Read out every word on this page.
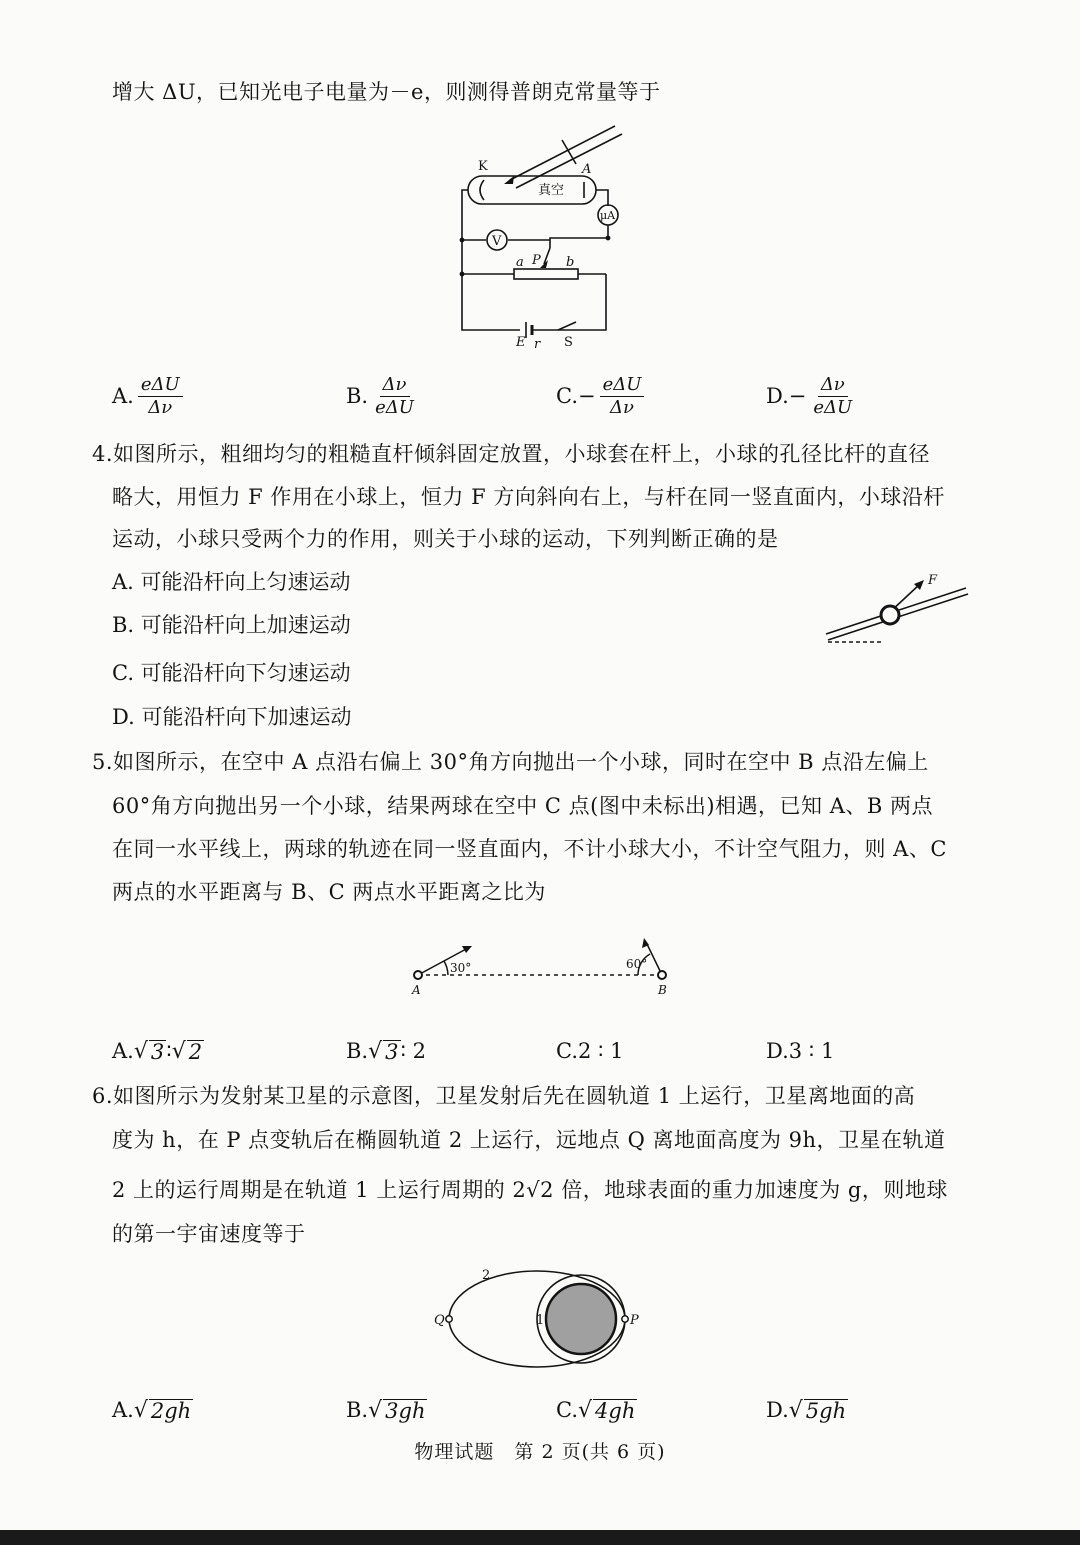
增大 ΔU，已知光电子电量为－e，则测得普朗克常量等于
K	A
真空
μA
V
a P b
E r S
A. $\frac{\text{eΔU}}{\Delta\nu}$	B. $\frac{\Delta\nu}{\text{eΔU}}$	C. − $\frac{\text{eΔU}}{\Delta\nu}$	D. − $\frac{\Delta\nu}{\text{eΔU}}$
4.如图所示，粗细均匀的粗糙直杆倾斜固定放置，小球套在杆上，小球的孔径比杆的直径
略大，用恒力 F 作用在小球上，恒力 F 方向斜向右上，与杆在同一竖直面内，小球沿杆
运动，小球只受两个力的作用，则关于小球的运动，下列判断正确的是
A. 可能沿杆向上匀速运动
B. 可能沿杆向上加速运动
C. 可能沿杆向下匀速运动
D. 可能沿杆向下加速运动
F
5.如图所示，在空中 A 点沿右偏上 30°角方向抛出一个小球，同时在空中 B 点沿左偏上
60°角方向抛出另一个小球，结果两球在空中 C 点(图中未标出)相遇，已知 A、B 两点
在同一水平线上，两球的轨迹在同一竖直面内，不计小球大小，不计空气阻力，则 A、C
两点的水平距离与 B、C 两点水平距离之比为
30°	60°
A	B
A. √ 3 ∶ √ 2	B. √ 3 ∶ 2	C. 2 ∶ 1	D. 3 ∶ 1
6.如图所示为发射某卫星的示意图，卫星发射后先在圆轨道 1 上运行，卫星离地面的高
度为 h，在 P 点变轨后在椭圆轨道 2 上运行，远地点 Q 离地面高度为 9h，卫星在轨道
2 上的运行周期是在轨道 1 上运行周期的 2√2 倍，地球表面的重力加速度为 g，则地球
的第一宇宙速度等于
2
1
Q	P
A. √ 2gh	B. √ 3gh	C. √ 4gh	D. √ 5gh
物理试题　第 2 页(共 6 页)
